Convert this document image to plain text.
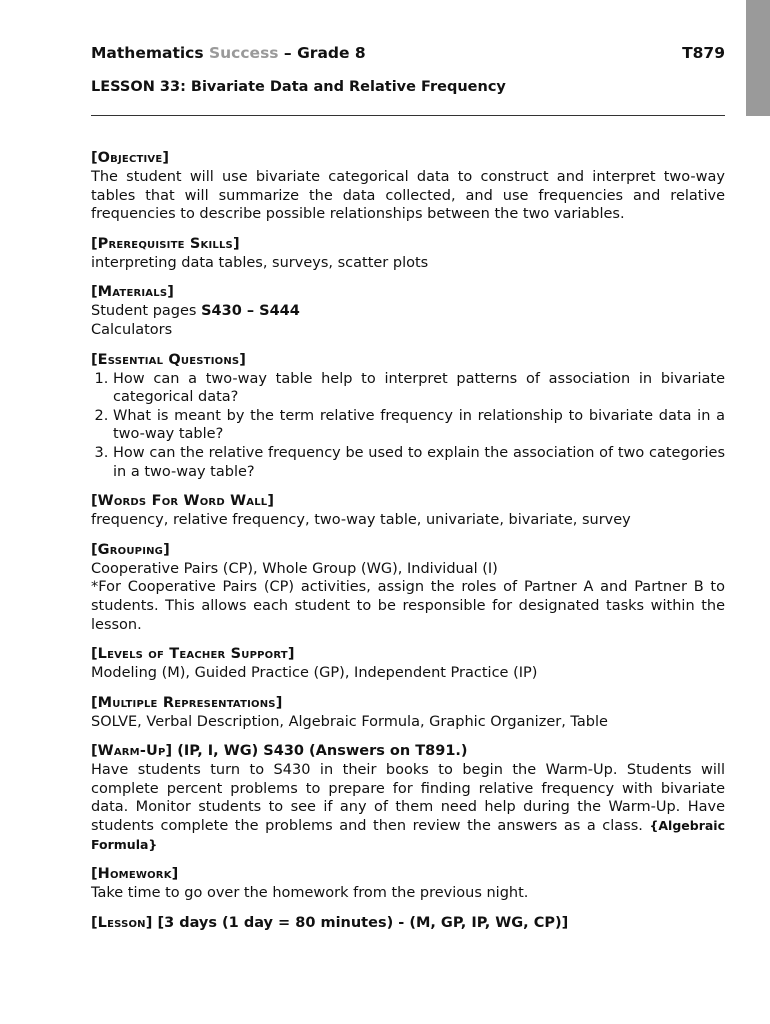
Mathematics Success – Grade 8	T879
LESSON 33: Bivariate Data and Relative Frequency
[Objective]

The student will use bivariate categorical data to construct and interpret two-way tables that will summarize the data collected, and use frequencies and relative frequencies to describe possible relationships between the two variables.

[Prerequisite Skills]

interpreting data tables, surveys, scatter plots

[Materials]

Student pages S430 – S444

Calculators

[Essential Questions]
1. How can a two-way table help to interpret patterns of association in bivariate categorical data?
2. What is meant by the term relative frequency in relationship to bivariate data in a two-way table?
3. How can the relative frequency be used to explain the association of two categories in a two-way table?
[Words For Word Wall]

frequency, relative frequency, two-way table, univariate, bivariate, survey

[Grouping]

Cooperative Pairs (CP), Whole Group (WG), Individual (I)

*For Cooperative Pairs (CP) activities, assign the roles of Partner A and Partner B to students. This allows each student to be responsible for designated tasks within the lesson.

[Levels of Teacher Support]

Modeling (M), Guided Practice (GP), Independent Practice (IP)

[Multiple Representations]

SOLVE, Verbal Description, Algebraic Formula, Graphic Organizer, Table

[Warm-Up] (IP, I, WG) S430 (Answers on T891.)

Have students turn to S430 in their books to begin the Warm-Up. Students will complete percent problems to prepare for finding relative frequency with bivariate data. Monitor students to see if any of them need help during the Warm-Up. Have students complete the problems and then review the answers as a class. {Algebraic Formula}

[Homework]

Take time to go over the homework from the previous night.

[Lesson] [3 days (1 day = 80 minutes) - (M, GP, IP, WG, CP)]
